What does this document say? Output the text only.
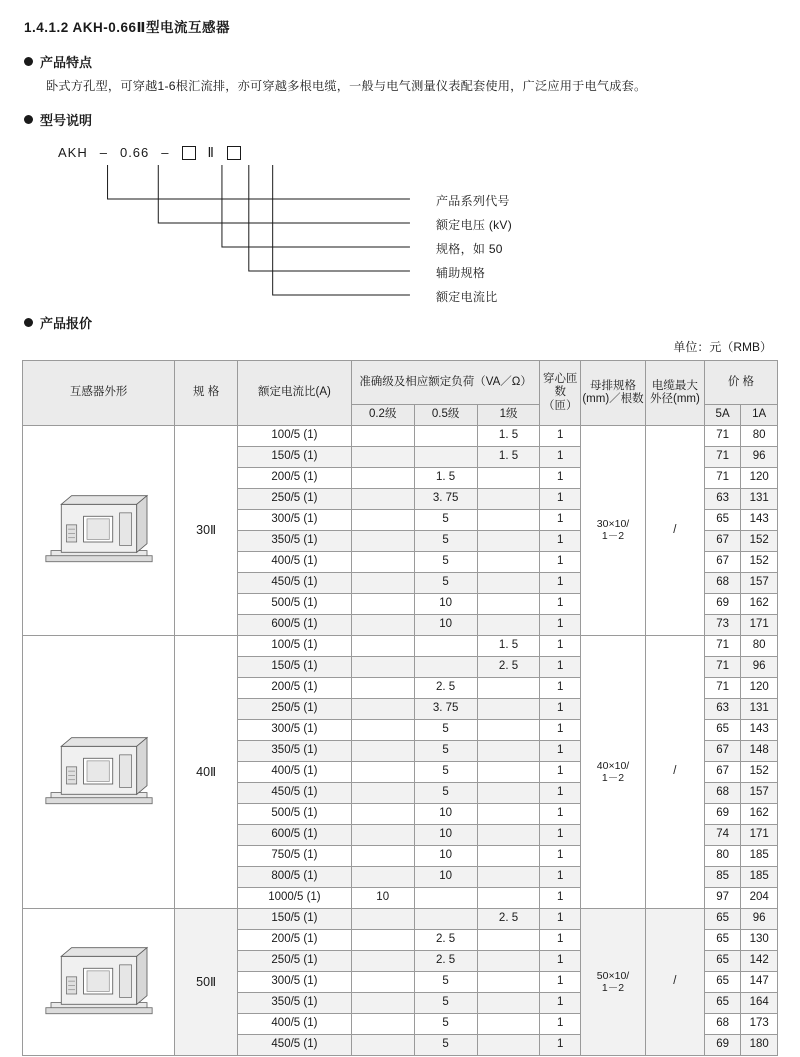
1.4.1.2 AKH-0.66Ⅱ型电流互感器
产品特点

卧式方孔型，可穿越1-6根汇流排，亦可穿越多根电缆，一般与电气测量仪表配套使用，广泛应用于电气成套。

型号说明
AKH – 0.66 –	Ⅱ
额定电流比
辅助规格
规格，如 50
额定电压 (kV)
产品系列代号
产品报价
单位：元（RMB）
互感器外形	规 格	额定电流比(A)	准确级及相应额定负荷（VA／Ω）			穿心匝数（匝）	母排规格(mm)／根数	电缆最大外径(mm)	价 格	
			0.2级	0.5级	1级				5A	1A

	30Ⅱ	100/5 (1)			1. 5	1	30×10/
1－2	/	71	80
		150/5 (1)			1. 5	1			71	96
		200/5 (1)		1. 5		1			71	120
		250/5 (1)		3. 75		1			63	131
		300/5 (1)		5		1			65	143
		350/5 (1)		5		1			67	152
		400/5 (1)		5		1			67	152
		450/5 (1)		5		1			68	157
		500/5 (1)		10		1			69	162
		600/5 (1)		10		1			73	171

	40Ⅱ	100/5 (1)			1. 5	1	40×10/
1－2	/	71	80
		150/5 (1)			2. 5	1			71	96
		200/5 (1)		2. 5		1			71	120
		250/5 (1)		3. 75		1			63	131
		300/5 (1)		5		1			65	143
		350/5 (1)		5		1			67	148
		400/5 (1)		5		1			67	152
		450/5 (1)		5		1			68	157
		500/5 (1)		10		1			69	162
		600/5 (1)		10		1			74	171
		750/5 (1)		10		1			80	185
		800/5 (1)		10		1			85	185
		1000/5 (1)	10			1			97	204

	50Ⅱ	150/5 (1)			2. 5	1	50×10/
1－2	/	65	96
		200/5 (1)		2. 5		1			65	130
		250/5 (1)		2. 5		1			65	142
		300/5 (1)		5		1			65	147
		350/5 (1)		5		1			65	164
		400/5 (1)		5		1			68	173
		450/5 (1)		5		1			69	180
